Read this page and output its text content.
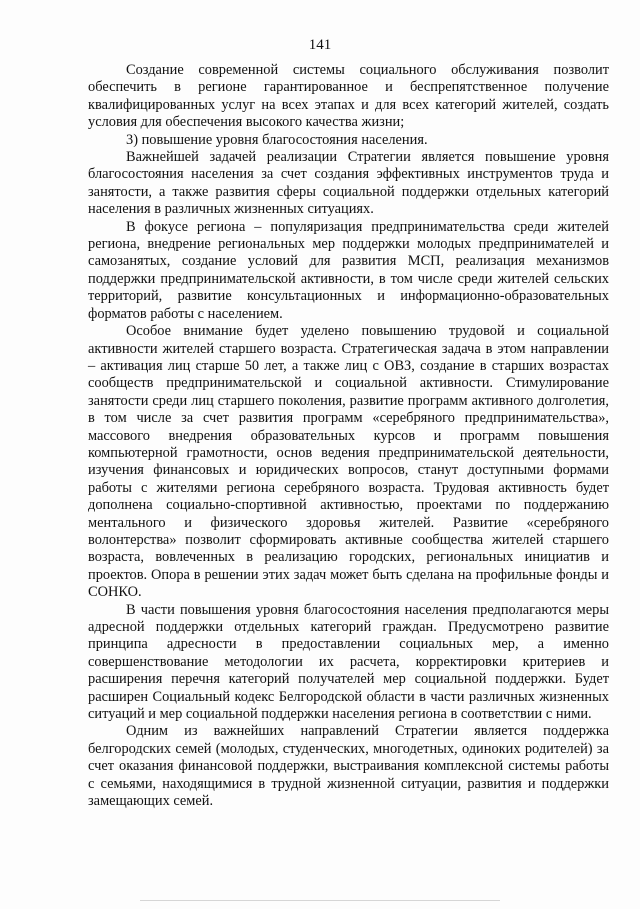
141

Создание современной системы социального обслуживания позволит обеспечить в регионе гарантированное и беспрепятственное получение квалифицированных услуг на всех этапах и для всех категорий жителей, создать условия для обеспечения высокого качества жизни;

3) повышение уровня благосостояния населения.

Важнейшей задачей реализации Стратегии является повышение уровня благосостояния населения за счет создания эффективных инструментов труда и занятости, а также развития сферы социальной поддержки отдельных категорий населения в различных жизненных ситуациях.

В фокусе региона – популяризация предпринимательства среди жителей региона, внедрение региональных мер поддержки молодых предпринимателей и самозанятых, создание условий для развития МСП, реализация механизмов поддержки предпринимательской активности, в том числе среди жителей сельских территорий, развитие консультационных и информационно-образовательных форматов работы с населением.

Особое внимание будет уделено повышению трудовой и социальной активности жителей старшего возраста. Стратегическая задача в этом направлении – активация лиц старше 50 лет, а также лиц с ОВЗ, создание в старших возрастах сообществ предпринимательской и социальной активности. Стимулирование занятости среди лиц старшего поколения, развитие программ активного долголетия, в том числе за счет развития программ «серебряного предпринимательства», массового внедрения образовательных курсов и программ повышения компьютерной грамотности, основ ведения предпринимательской деятельности, изучения финансовых и юридических вопросов, станут доступными формами работы с жителями региона серебряного возраста. Трудовая активность будет дополнена социально-спортивной активностью, проектами по поддержанию ментального и физического здоровья жителей. Развитие «серебряного волонтерства» позволит сформировать активные сообщества жителей старшего возраста, вовлеченных в реализацию городских, региональных инициатив и проектов. Опора в решении этих задач может быть сделана на профильные фонды и СОНКО.

В части повышения уровня благосостояния населения предполагаются меры адресной поддержки отдельных категорий граждан. Предусмотрено развитие принципа адресности в предоставлении социальных мер, а именно совершенствование методологии их расчета, корректировки критериев и расширения перечня категорий получателей мер социальной поддержки. Будет расширен Социальный кодекс Белгородской области в части различных жизненных ситуаций и мер социальной поддержки населения региона в соответствии с ними.

Одним из важнейших направлений Стратегии является поддержка белгородских семей (молодых, студенческих, многодетных, одиноких родителей) за счет оказания финансовой поддержки, выстраивания комплексной системы работы с семьями, находящимися в трудной жизненной ситуации, развития и поддержки замещающих семей.
